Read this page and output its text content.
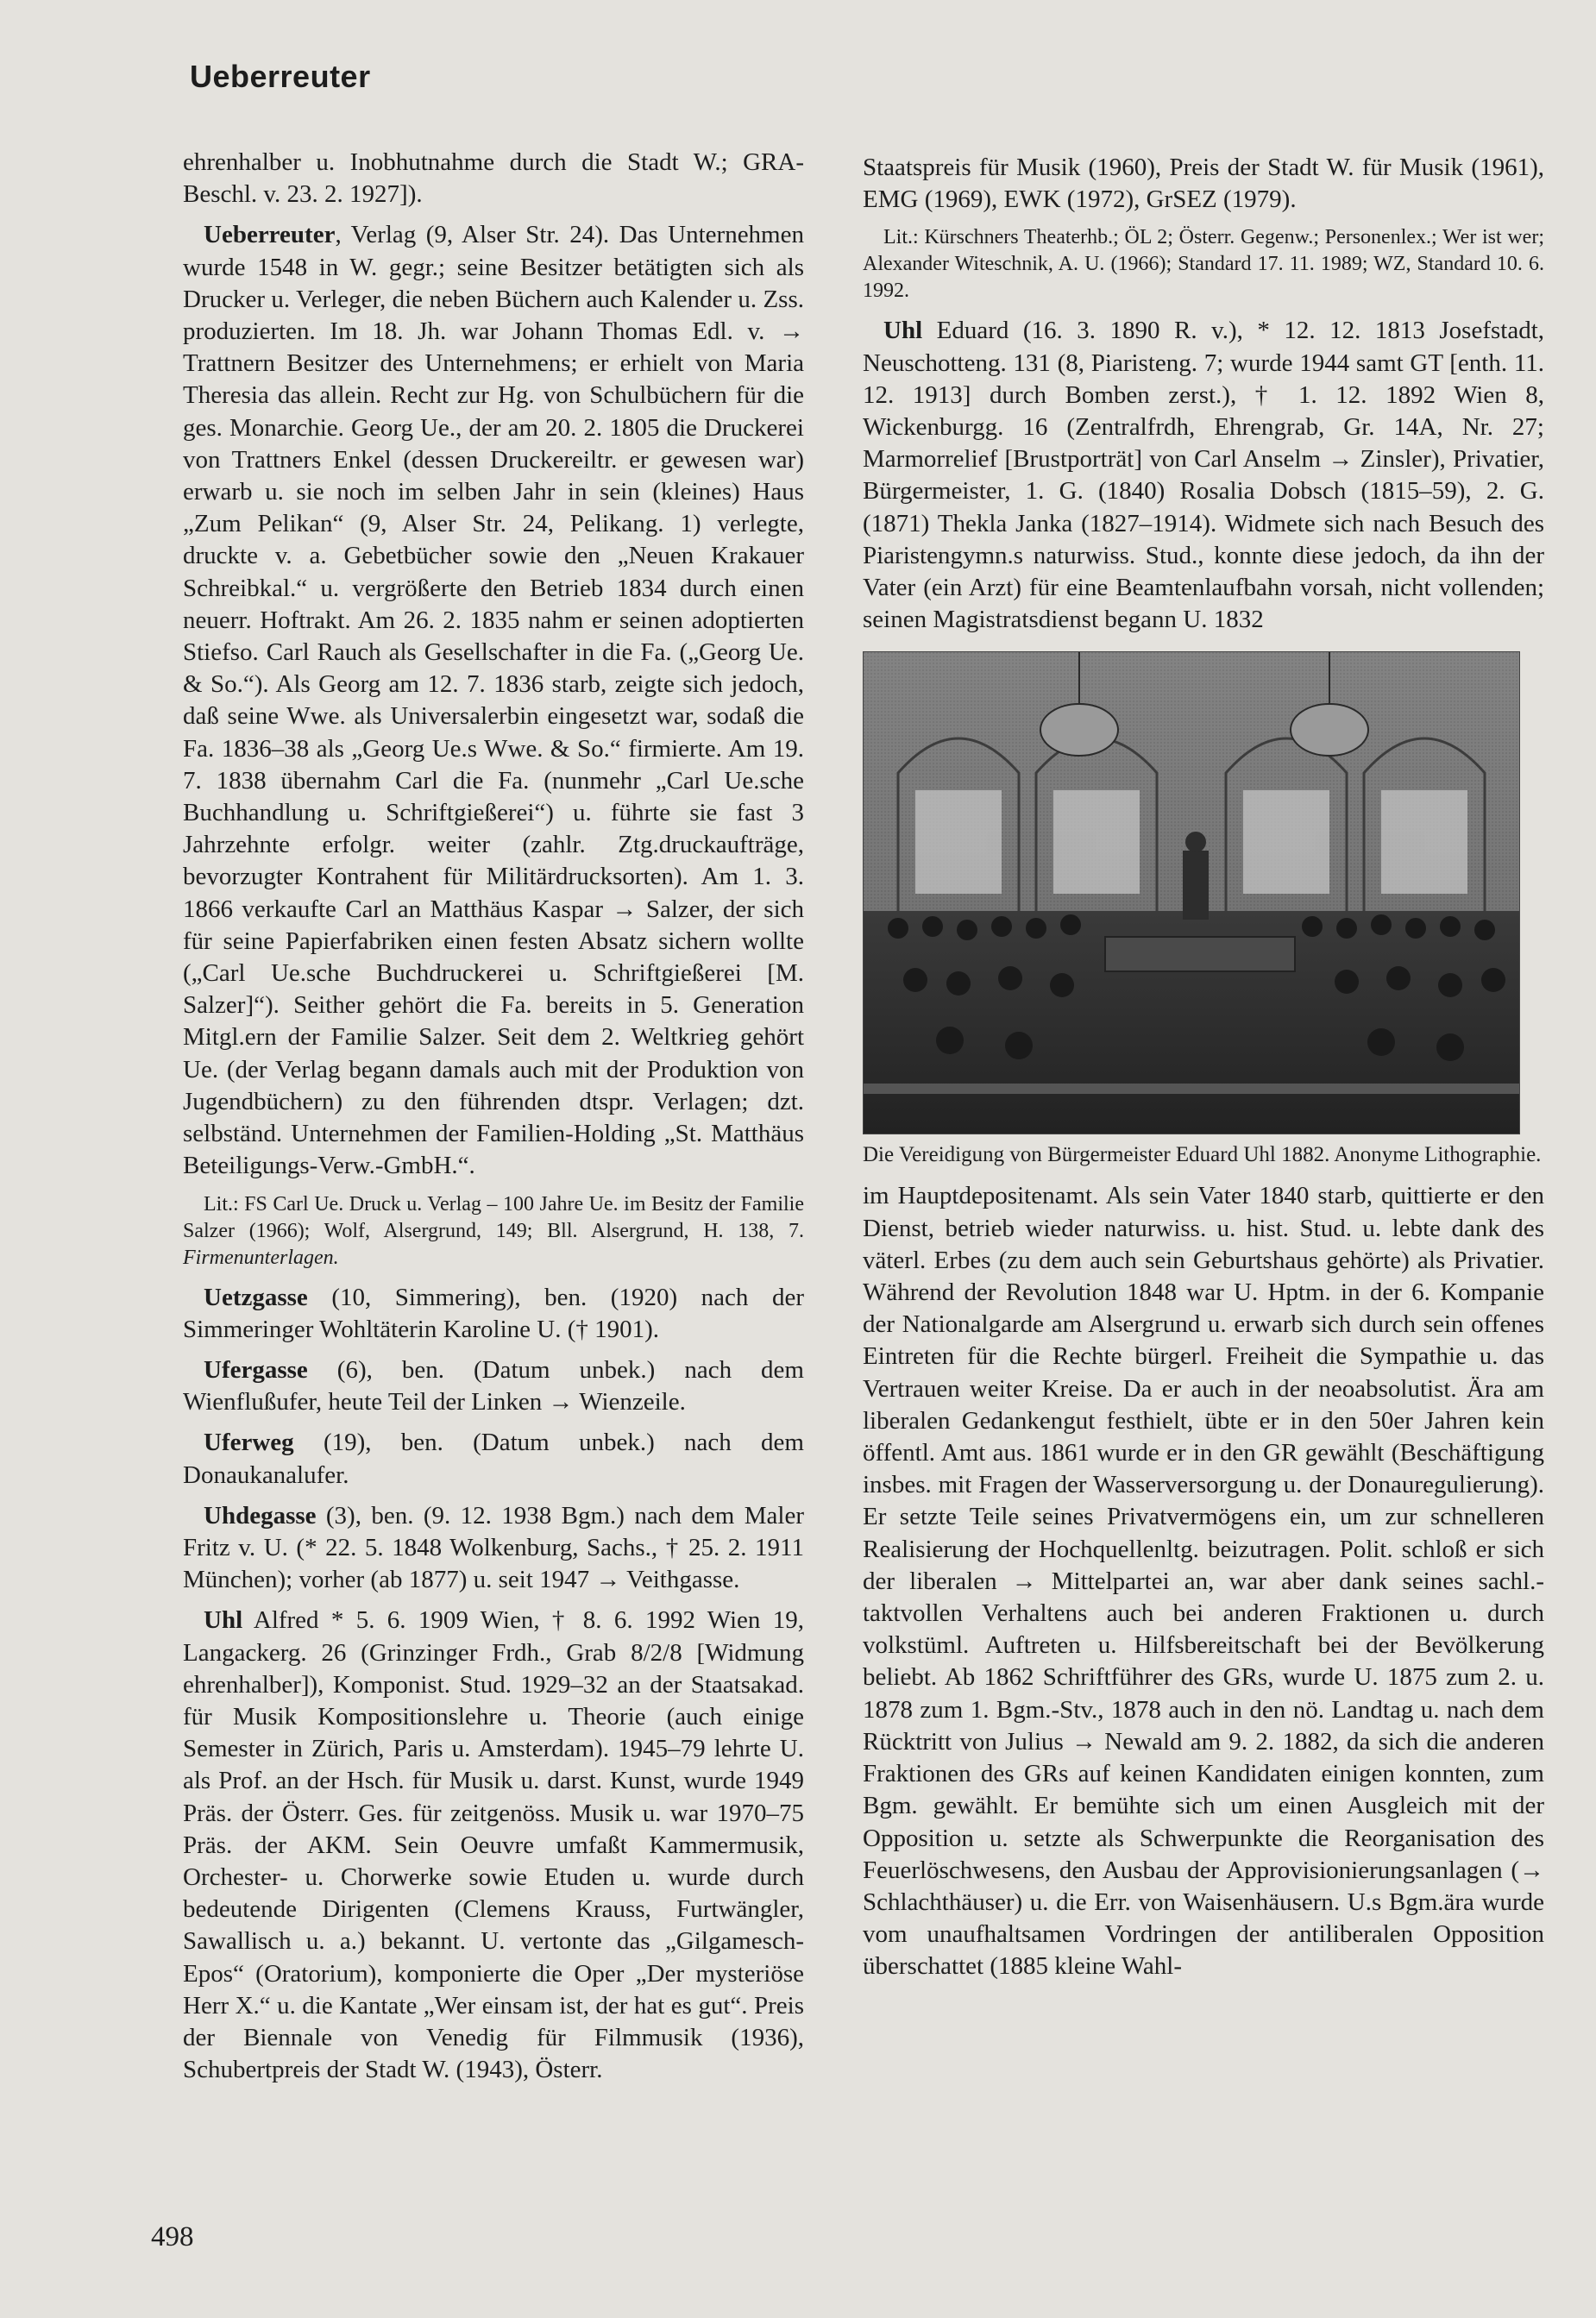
Ueberreuter

ehrenhalber u. Inobhutnahme durch die Stadt W.; GRA-Beschl. v. 23. 2. 1927]).

Ueberreuter, Verlag (9, Alser Str. 24). Das Unternehmen wurde 1548 in W. gegr.; seine Besitzer betätigten sich als Drucker u. Verleger, die neben Büchern auch Kalender u. Zss. produzierten. Im 18. Jh. war Johann Thomas Edl. v. → Trattnern Besitzer des Unternehmens; er erhielt von Maria Theresia das allein. Recht zur Hg. von Schulbüchern für die ges. Monarchie. Georg Ue., der am 20. 2. 1805 die Druckerei von Trattners Enkel (dessen Druckereiltr. er gewesen war) erwarb u. sie noch im selben Jahr in sein (kleines) Haus „Zum Pelikan“ (9, Alser Str. 24, Pelikang. 1) verlegte, druckte v. a. Gebetbücher sowie den „Neuen Krakauer Schreibkal.“ u. vergrößerte den Betrieb 1834 durch einen neuerr. Hoftrakt. Am 26. 2. 1835 nahm er seinen adoptierten Stiefso. Carl Rauch als Gesellschafter in die Fa. („Georg Ue. & So.“). Als Georg am 12. 7. 1836 starb, zeigte sich jedoch, daß seine Wwe. als Universalerbin eingesetzt war, sodaß die Fa. 1836–38 als „Georg Ue.s Wwe. & So.“ firmierte. Am 19. 7. 1838 übernahm Carl die Fa. (nunmehr „Carl Ue.sche Buchhandlung u. Schriftgießerei“) u. führte sie fast 3 Jahrzehnte erfolgr. weiter (zahlr. Ztg.druckaufträge, bevorzugter Kontrahent für Militärdrucksorten). Am 1. 3. 1866 verkaufte Carl an Matthäus Kaspar → Salzer, der sich für seine Papierfabriken einen festen Absatz sichern wollte („Carl Ue.sche Buchdruckerei u. Schriftgießerei [M. Salzer]“). Seither gehört die Fa. bereits in 5. Generation Mitgl.ern der Familie Salzer. Seit dem 2. Weltkrieg gehört Ue. (der Verlag begann damals auch mit der Produktion von Jugendbüchern) zu den führenden dtspr. Verlagen; dzt. selbständ. Unternehmen der Familien-Holding „St. Matthäus Beteiligungs-Verw.-GmbH.“.

Lit.: FS Carl Ue. Druck u. Verlag – 100 Jahre Ue. im Besitz der Familie Salzer (1966); Wolf, Alsergrund, 149; Bll. Alsergrund, H. 138, 7. Firmenunterlagen.

Uetzgasse (10, Simmering), ben. (1920) nach der Simmeringer Wohltäterin Karoline U. († 1901).

Ufergasse (6), ben. (Datum unbek.) nach dem Wienflußufer, heute Teil der Linken → Wienzeile.

Uferweg (19), ben. (Datum unbek.) nach dem Donaukanalufer.

Uhdegasse (3), ben. (9. 12. 1938 Bgm.) nach dem Maler Fritz v. U. (* 22. 5. 1848 Wolkenburg, Sachs., † 25. 2. 1911 München); vorher (ab 1877) u. seit 1947 → Veithgasse.

Uhl Alfred * 5. 6. 1909 Wien, † 8. 6. 1992 Wien 19, Langackerg. 26 (Grinzinger Frdh., Grab 8/2/8 [Widmung ehrenhalber]), Komponist. Stud. 1929–32 an der Staatsakad. für Musik Kompositionslehre u. Theorie (auch einige Semester in Zürich, Paris u. Amsterdam). 1945–79 lehrte U. als Prof. an der Hsch. für Musik u. darst. Kunst, wurde 1949 Präs. der Österr. Ges. für zeitgenöss. Musik u. war 1970–75 Präs. der AKM. Sein Oeuvre umfaßt Kammermusik, Orchester- u. Chorwerke sowie Etuden u. wurde durch bedeutende Dirigenten (Clemens Krauss, Furtwängler, Sawallisch u. a.) bekannt. U. vertonte das „Gilgamesch-Epos“ (Oratorium), komponierte die Oper „Der mysteriöse Herr X.“ u. die Kantate „Wer einsam ist, der hat es gut“. Preis der Biennale von Venedig für Filmmusik (1936), Schubertpreis der Stadt W. (1943), Österr.

Staatspreis für Musik (1960), Preis der Stadt W. für Musik (1961), EMG (1969), EWK (1972), GrSEZ (1979).

Lit.: Kürschners Theaterhb.; ÖL 2; Österr. Gegenw.; Personenlex.; Wer ist wer; Alexander Witeschnik, A. U. (1966); Standard 17. 11. 1989; WZ, Standard 10. 6. 1992.

Uhl Eduard (16. 3. 1890 R. v.), * 12. 12. 1813 Josefstadt, Neuschotteng. 131 (8, Piaristeng. 7; wurde 1944 samt GT [enth. 11. 12. 1913] durch Bomben zerst.), † 1. 12. 1892 Wien 8, Wickenburgg. 16 (Zentralfrdh, Ehrengrab, Gr. 14A, Nr. 27; Marmorrelief [Brustporträt] von Carl Anselm → Zinsler), Privatier, Bürgermeister, 1. G. (1840) Rosalia Dobsch (1815–59), 2. G. (1871) Thekla Janka (1827–1914). Widmete sich nach Besuch des Piaristengymn.s naturwiss. Stud., konnte diese jedoch, da ihn der Vater (ein Arzt) für eine Beamtenlaufbahn vorsah, nicht vollenden; seinen Magistratsdienst begann U. 1832

Die Vereidigung von Bürgermeister Eduard Uhl 1882. Anonyme Lithographie.

im Hauptdepositenamt. Als sein Vater 1840 starb, quittierte er den Dienst, betrieb wieder naturwiss. u. hist. Stud. u. lebte dank des väterl. Erbes (zu dem auch sein Geburtshaus gehörte) als Privatier. Während der Revolution 1848 war U. Hptm. in der 6. Kompanie der Nationalgarde am Alsergrund u. erwarb sich durch sein offenes Eintreten für die Rechte bürgerl. Freiheit die Sympathie u. das Vertrauen weiter Kreise. Da er auch in der neoabsolutist. Ära am liberalen Gedankengut festhielt, übte er in den 50er Jahren kein öffentl. Amt aus. 1861 wurde er in den GR gewählt (Beschäftigung insbes. mit Fragen der Wasserversorgung u. der Donauregulierung). Er setzte Teile seines Privatvermögens ein, um zur schnelleren Realisierung der Hochquellenltg. beizutragen. Polit. schloß er sich der liberalen → Mittelpartei an, war aber dank seines sachl.-taktvollen Verhaltens auch bei anderen Fraktionen u. durch volkstüml. Auftreten u. Hilfsbereitschaft bei der Bevölkerung beliebt. Ab 1862 Schriftführer des GRs, wurde U. 1875 zum 2. u. 1878 zum 1. Bgm.-Stv., 1878 auch in den nö. Landtag u. nach dem Rücktritt von Julius → Newald am 9. 2. 1882, da sich die anderen Fraktionen des GRs auf keinen Kandidaten einigen konnten, zum Bgm. gewählt. Er bemühte sich um einen Ausgleich mit der Opposition u. setzte als Schwerpunkte die Reorganisation des Feuerlöschwesens, den Ausbau der Approvisionierungsanlagen (→ Schlachthäuser) u. die Err. von Waisenhäusern. U.s Bgm.ära wurde vom unaufhaltsamen Vordringen der antiliberalen Opposition überschattet (1885 kleine Wahl-

498
